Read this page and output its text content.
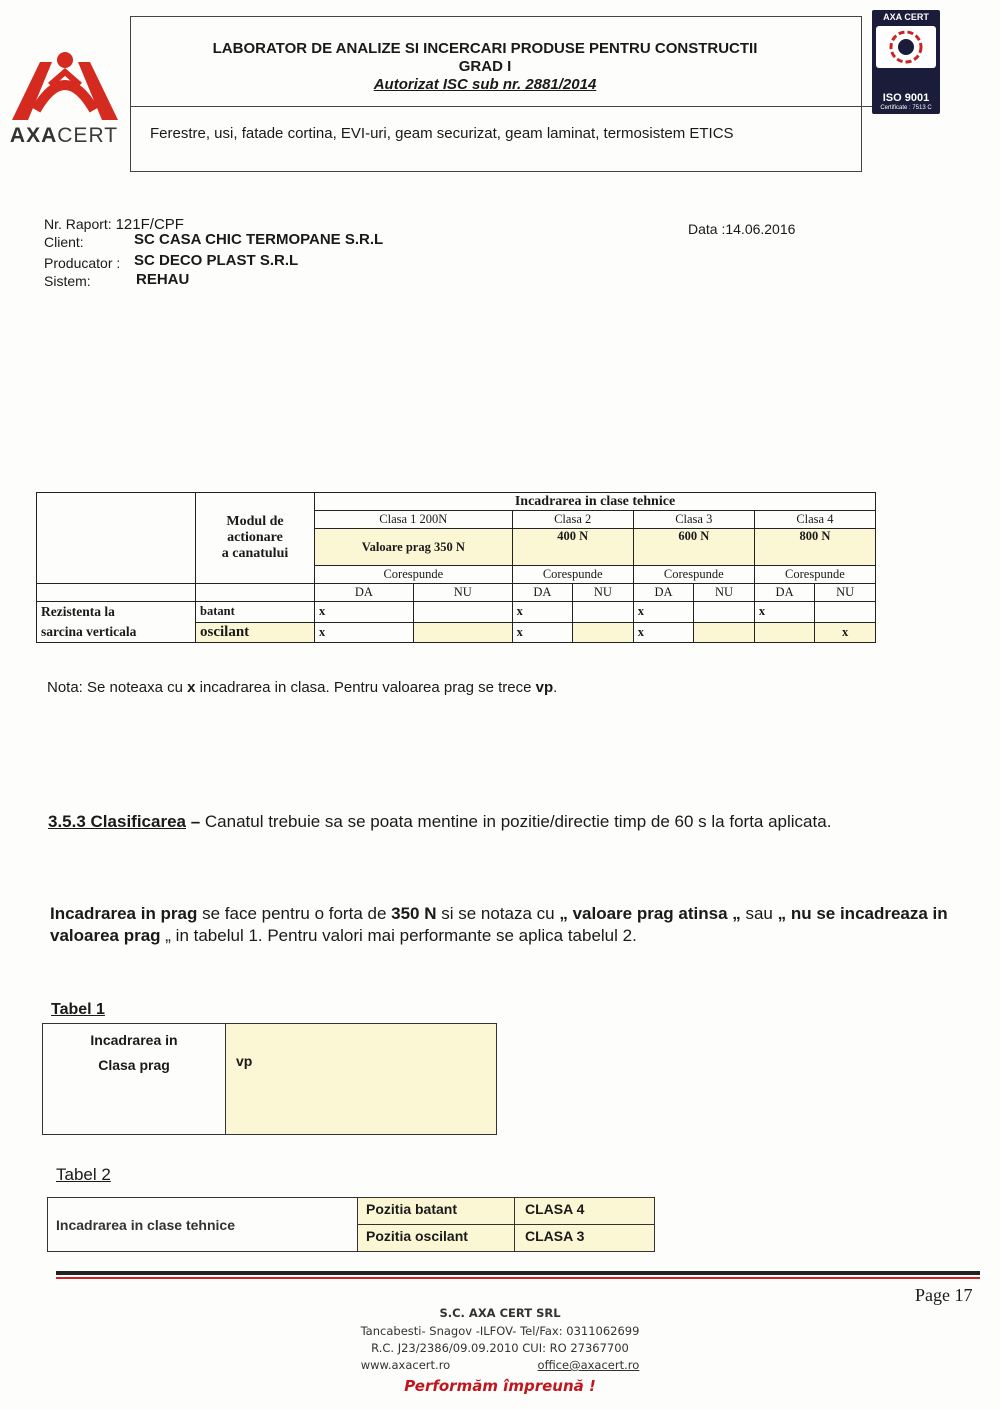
AXACERT
LABORATOR DE ANALIZE SI INCERCARI PRODUSE PENTRU CONSTRUCTII
GRAD I
Autorizat ISC sub nr. 2881/2014
Ferestre, usi, fatade cortina, EVI-uri, geam securizat, geam laminat, termosistem ETICS
AXA CERT
ISO 9001
Certificate : 7513 C
Nr. Raport: 121F/CPF
Client:	SC CASA CHIC TERMOPANE S.R.L
Producator : SC DECO PLAST S.R.L
Sistem:	REHAU
Data :14.06.2016

	Modul de
actionare
a canatului	Incadrarea in clase tehnice							
		Clasa 1 200N		Clasa 2		Clasa 3		Clasa 4	
		Valoare prag 350 N		400 N		600 N		800 N	
		Corespunde		Corespunde		Corespunde		Corespunde	
		DA	NU	DA	NU	DA	NU	DA	NU

Rezistenta la
sarcina verticala	batant	x		x		x		x	
	oscilant	x		x		x			x
Nota: Se noteaxa cu x incadrarea in clasa. Pentru valoarea prag se trece vp.
3.5.3 Clasificarea – Canatul trebuie sa se poata mentine in pozitie/directie timp de 60 s la forta aplicata.
Incadrarea in prag se face pentru o forta de 350 N si se notaza cu „ valoare prag atinsa „ sau „ nu se incadreaza in valoarea prag „ in tabelul 1. Pentru valori mai performante se aplica tabelul 2.
Tabel 1
Incadrarea in
Clasa prag	vp
Tabel 2
Incadrarea in clase tehnice	Pozitia batant	CLASA 4
	Pozitia oscilant	CLASA 3
Page 17
S.C. AXA CERT SRL
Tancabesti- Snagov -ILFOV- Tel/Fax: 0311062699
R.C. J23/2386/09.09.2010 CUI: RO 27367700
www.axacert.ro	office@axacert.ro
Performăm împreună !
